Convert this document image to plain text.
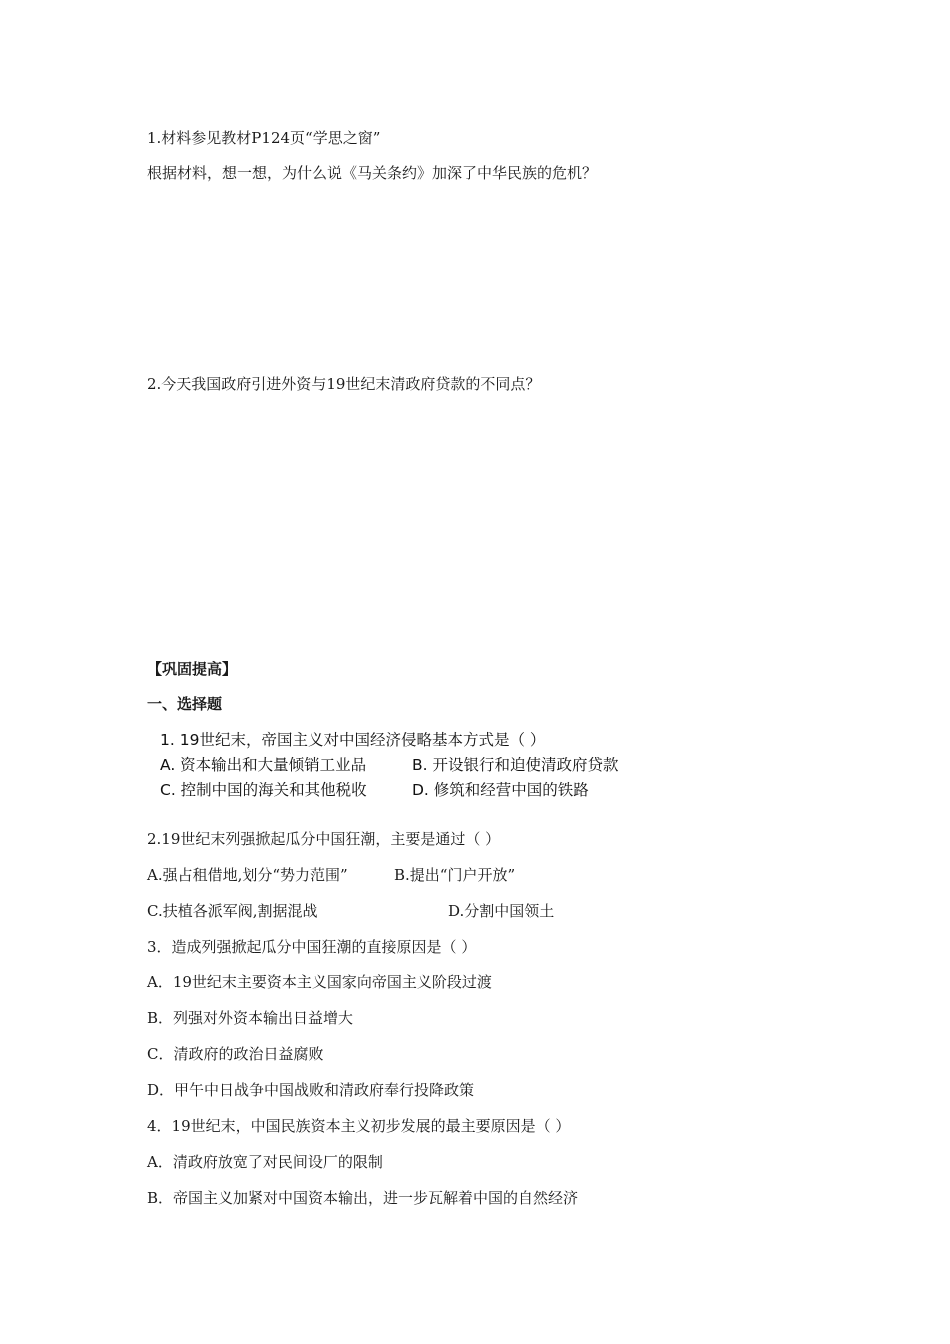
1.材料参见教材P124页“学思之窗”
根据材料，想一想，为什么说《马关条约》加深了中华民族的危机？
2.今天我国政府引进外资与19世纪末清政府贷款的不同点？
【巩固提高】
一、选择题
1. 19世纪末，帝国主义对中国经济侵略基本方式是（ ）
A. 资本输出和大量倾销工业品	B. 开设银行和迫使清政府贷款
C. 控制中国的海关和其他税收	D. 修筑和经营中国的铁路
2.19世纪末列强掀起瓜分中国狂潮，主要是通过（ ）
A.强占租借地,划分“势力范围”	B.提出“门户开放”
C.扶植各派军阀,割据混战	D.分割中国领土
3．造成列强掀起瓜分中国狂潮的直接原因是（ ）
A．19世纪末主要资本主义国家向帝国主义阶段过渡
B．列强对外资本输出日益增大
C．清政府的政治日益腐败
D．甲午中日战争中国战败和清政府奉行投降政策
4．19世纪末，中国民族资本主义初步发展的最主要原因是（ ）
A．清政府放宽了对民间设厂的限制
B．帝国主义加紧对中国资本输出，进一步瓦解着中国的自然经济
